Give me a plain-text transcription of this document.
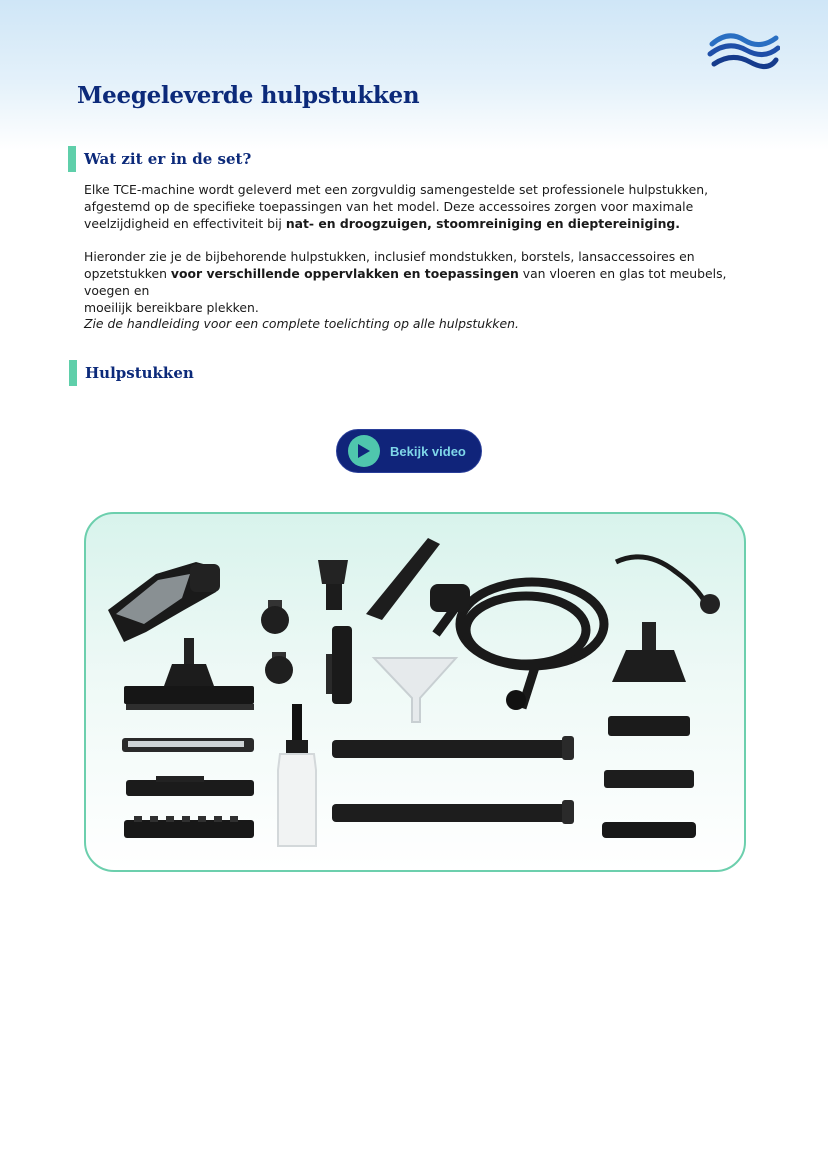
Meegeleverde hulpstukken
Wat zit er in de set?

Elke TCE-machine wordt geleverd met een zorgvuldig samengestelde set professionele hulpstukken,
afgestemd op de specifieke toepassingen van het model. Deze accessoires zorgen voor maximale
veelzijdigheid en effectiviteit bij nat- en droogzuigen, stoomreiniging en dieptereiniging.

Hieronder zie je de bijbehorende hulpstukken, inclusief mondstukken, borstels, lansaccessoires en
opzetstukken voor verschillende oppervlakken en toepassingen van vloeren en glas tot meubels, voegen en
moeilijk bereikbare plekken.

Zie de handleiding voor een complete toelichting op alle hulpstukken.

Hulpstukken
Bekijk video
